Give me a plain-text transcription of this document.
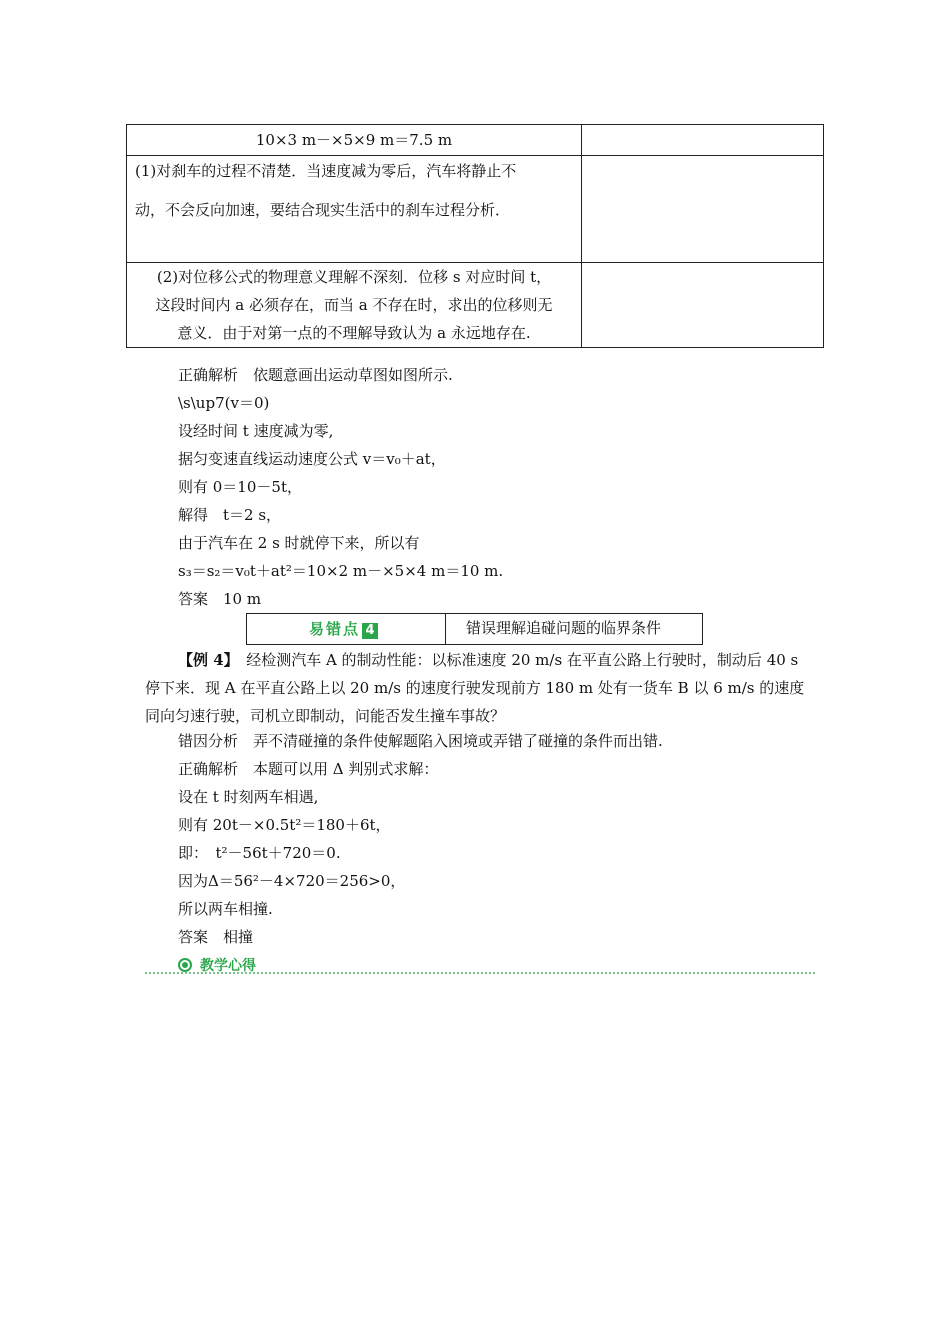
10×3 m－×5×9 m＝7.5 m	

(1)对刹车的过程不清楚．当速度减为零后，汽车将静止不
动，不会反向加速，要结合现实生活中的刹车过程分析．	

(2)对位移公式的物理意义理解不深刻．位移 s 对应时间 t，
这段时间内 a 必须存在，而当 a 不存在时，求出的位移则无
意义．由于对第一点的不理解导致认为 a 永远地存在.	

正确解析　依题意画出运动草图如图所示.
\s\up7(v＝0)
设经时间 t 速度减为零,
据匀变速直线运动速度公式 v＝v₀＋at，
则有 0＝10－5t，
解得　t＝2 s，
由于汽车在 2 s 时就停下来，所以有
s₃＝s₂＝v₀t＋at²＝10×2 m－×5×4 m＝10 m.
答案　10 m
易错点 4	错误理解追碰问题的临界条件
【例 4】　 经检测汽车 A 的制动性能：以标准速度 20 m/s 在平直公路上行驶时，制动后 40 s 停下来．现 A 在平直公路上以 20 m/s 的速度行驶发现前方 180 m 处有一货车 B 以 6 m/s 的速度同向匀速行驶，司机立即制动，问能否发生撞车事故？
错因分析　弄不清碰撞的条件使解题陷入困境或弄错了碰撞的条件而出错.
正确解析　本题可以用 Δ 判别式求解：
设在 t 时刻两车相遇,
则有 20t－×0.5t²＝180＋6t，
即：　t²－56t＋720＝0.
因为Δ＝56²－4×720＝256>0，
所以两车相撞.
答案　相撞
教学心得
